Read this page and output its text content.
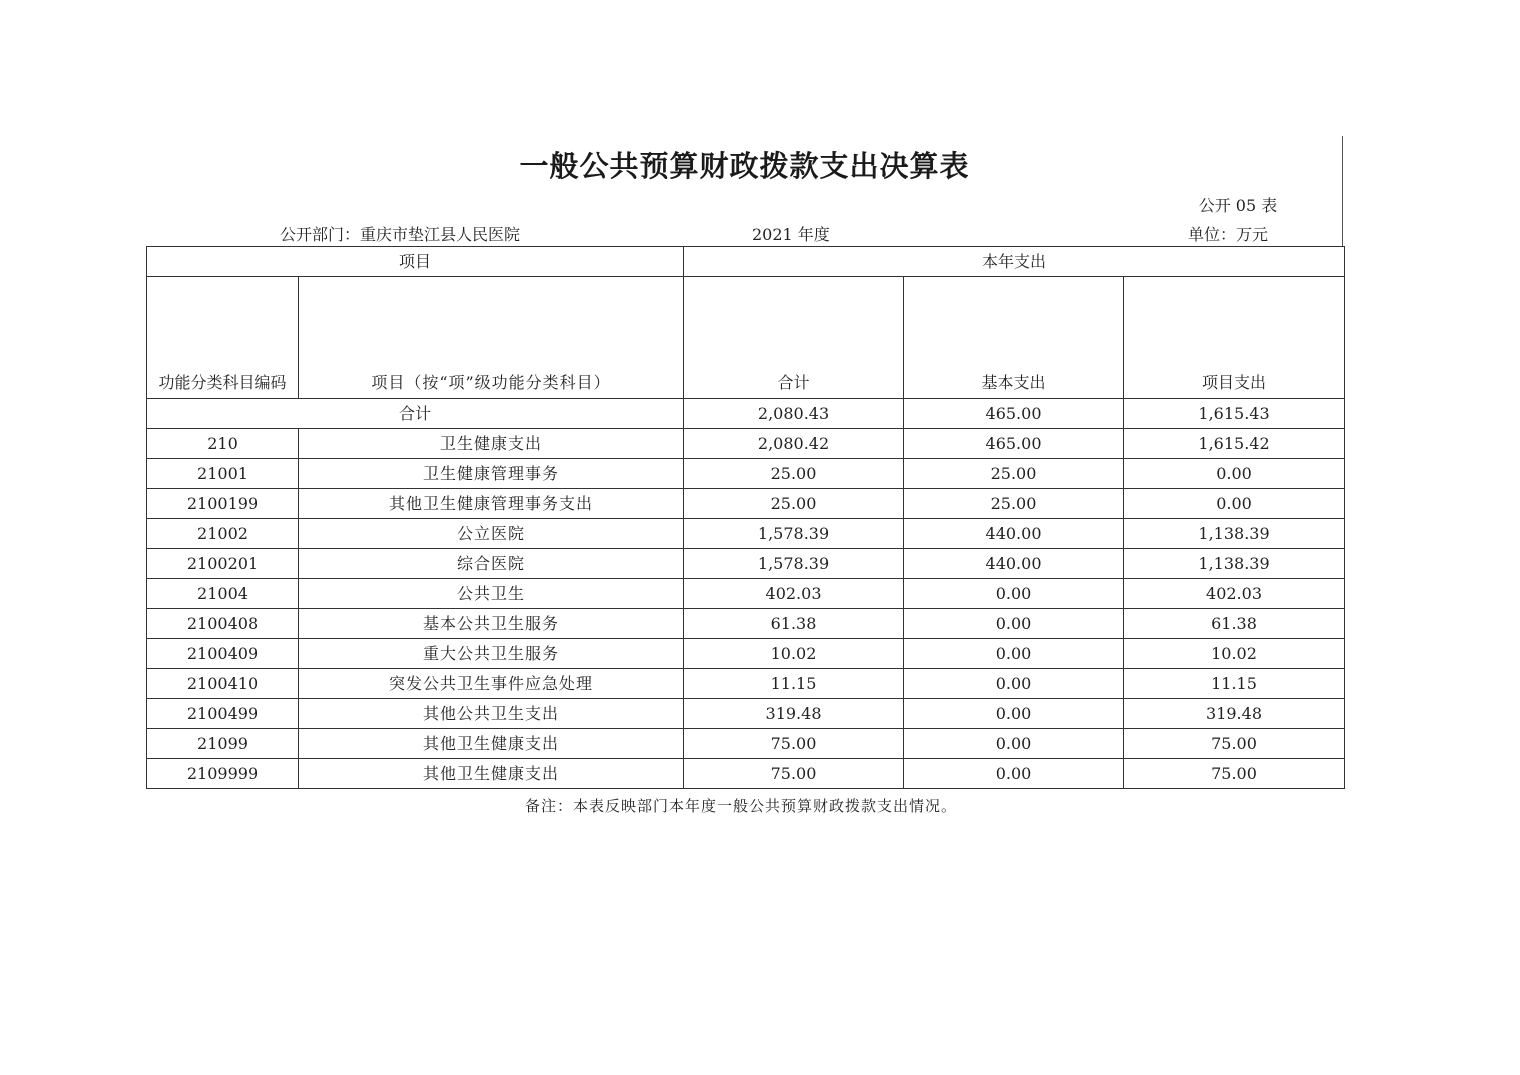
一般公共预算财政拨款支出决算表
公开 05 表
公开部门：重庆市垫江县人民医院	2021 年度	单位：万元
项目		本年支出		
功能分类科目编码	项目（按“项”级功能分类科目）	合计	基本支出	项目支出
合计		2,080.43	465.00	1,615.43
210	卫生健康支出	2,080.42	465.00	1,615.42
21001	卫生健康管理事务	25.00	25.00	0.00
2100199	其他卫生健康管理事务支出	25.00	25.00	0.00
21002	公立医院	1,578.39	440.00	1,138.39
2100201	综合医院	1,578.39	440.00	1,138.39
21004	公共卫生	402.03	0.00	402.03
2100408	基本公共卫生服务	61.38	0.00	61.38
2100409	重大公共卫生服务	10.02	0.00	10.02
2100410	突发公共卫生事件应急处理	11.15	0.00	11.15
2100499	其他公共卫生支出	319.48	0.00	319.48
21099	其他卫生健康支出	75.00	0.00	75.00
2109999	其他卫生健康支出	75.00	0.00	75.00
备注：本表反映部门本年度一般公共预算财政拨款支出情况。
